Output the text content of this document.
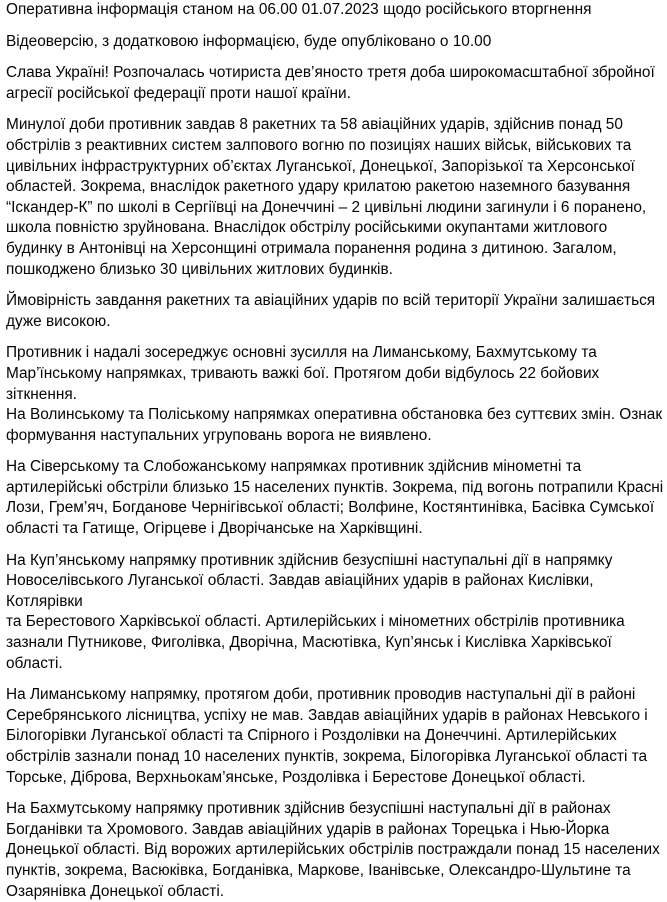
Оперативна інформація станом на 06.00 01.07.2023 щодо російського вторгнення

Відеоверсію, з додатковою інформацією, буде опубліковано о 10.00

Слава Україні! Розпочалась чотириста дев’яносто третя доба широкомасштабної збройної
агресії російської федерації проти нашої країни.

Минулої доби противник завдав 8 ракетних та 58 авіаційних ударів, здійснив понад 50
обстрілів з реактивних систем залпового вогню по позиціях наших військ, військових та
цивільних інфраструктурних об’єктах Луганської, Донецької, Запорізької та Херсонської
областей. Зокрема, внаслідок ракетного удару крилатою ракетою наземного базування
“Іскандер-К” по школі в Сергіївці на Донеччині – 2 цивільні людини загинули і 6 поранено,
школа повністю зруйнована. Внаслідок обстрілу російськими окупантами житлового
будинку в Антонівці на Херсонщині отримала поранення родина з дитиною. Загалом,
пошкоджено близько 30 цивільних житлових будинків.

Ймовірність завдання ракетних та авіаційних ударів по всій території України залишається
дуже високою.

Противник і надалі зосереджує основні зусилля на Лиманському, Бахмутському та
Мар’їнському напрямках, тривають важкі бої. Протягом доби відбулось 22 бойових
зіткнення.
На Волинському та Поліському напрямках оперативна обстановка без суттєвих змін. Ознак
формування наступальних угруповань ворога не виявлено.

На Сіверському та Слобожанському напрямках противник здійснив мінометні та
артилерійські обстріли близько 15 населених пунктів. Зокрема, під вогонь потрапили Красні
Лози, Грем’яч, Богданове Чернігівської області; Волфине, Костянтинівка, Басівка Сумської
області та Гатище, Огірцеве і Дворічанське на Харківщині.

На Куп’янському напрямку противник здійснив безуспішні наступальні дії в напрямку
Новоселівського Луганської області. Завдав авіаційних ударів в районах Кислівки, Котлярівки
та Берестового Харківської області. Артилерійських і мінометних обстрілів противника
зазнали Путникове, Фиголівка, Дворічна, Масютівка, Куп’янськ і Кислівка Харківської області.

На Лиманському напрямку, протягом доби, противник проводив наступальні дії в районі
Серебрянського лісництва, успіху не мав. Завдав авіаційних ударів в районах Невського і
Білогорівки Луганської області та Спірного і Роздолівки на Донеччині. Артилерійських
обстрілів зазнали понад 10 населених пунктів, зокрема, Білогорівка Луганської області та
Торське, Діброва, Верхньокам’янське, Роздолівка і Берестове Донецької області.

На Бахмутському напрямку противник здійснив безуспішні наступальні дії в районах
Богданівки та Хромового. Завдав авіаційних ударів в районах Торецька і Нью-Йорка
Донецької області. Від ворожих артилерійських обстрілів постраждали понад 15 населених
пунктів, зокрема, Васюківка, Богданівка, Маркове, Іванівське, Олександро-Шультине та
Озарянівка Донецької області.
